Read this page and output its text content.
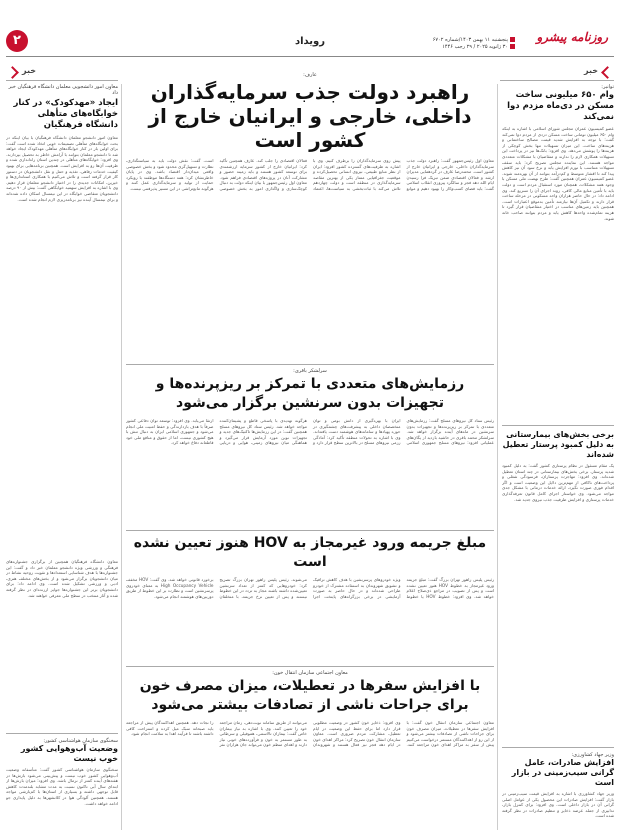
۲	رویداد	پنجشنبه ۱۱ بهمن ۱۴۰۳/شماره ۶۷۰۲
۳۰ ژانویه ۲۰۲۵ / ۲۹ رجب ۱۴۴۶
روزنامه پیشرو
خبر	خبر
معاون امور دانشجویی معلمان دانشگاه فرهنگیان خبر داد
ایجاد «مهدکودک» در کنار خوابگاه‌های متأهلی دانشگاه فرهنگیان
معاون امور دانشجو معلمان دانشگاه فرهنگیان با بیان اینکه در بحث خوابگاه‌های متأهلی تصمیمات خوبی اتخاذ شده است گفت: برای اولین بار در کنار خوابگاه‌های متأهلی مهدکودک ایجاد خواهد شد تا دانشجو معلمان بتوانند با آرامش خاطر به تحصیل بپردازند. وی افزود: خوابگاه‌های متأهلی در چندین استان راه‌اندازی شده و ظرفیت آن‌ها رو به افزایش است. همچنین برنامه‌هایی برای بهبود کیفیت خدمات رفاهی، تغذیه و حمل و نقل دانشجویان در دستور کار قرار گرفته است و تلاش می‌کنیم با همکاری استانداری‌ها و خیرین، امکانات جدیدی را در اختیار دانشجو معلمان قرار دهیم. وی با اشاره به افزایش سهمیه خوابگاهی گفت: بیش از ۹۰ درصد دانشجویان متقاضی خوابگاه در این نیمسال اسکان داده شده‌اند و برای نیمسال آینده نیز برنامه‌ریزی لازم انجام شده است.
معاون دانشگاه فرهنگیان همچنین از برگزاری جشنواره‌های فرهنگی و ورزشی ویژه دانشجو معلمان خبر داد و گفت: این جشنواره‌ها با هدف شناسایی استعدادها و تقویت روحیه نشاط در میان دانشجویان برگزار می‌شود و از بخش‌های مختلف هنری، ادبی و ورزشی تشکیل شده است. وی ادامه داد: برای دانشجویان برتر این جشنواره‌ها جوایز ارزنده‌ای در نظر گرفته شده و آثار منتخب در سطح ملی معرفی خواهند شد.
سخنگوی سازمان هواشناسی کشور:
وضعیت آب‌وهوایی کشور خوب نیست
سخنگوی سازمان هواشناسی کشور گفت: متأسفانه وضعیت آب‌وهوایی کشور خوب نیست و پیش‌بینی می‌شود بارش‌ها در هفته‌های آینده کمتر از نرمال باشد. وی افزود: میزان بارش‌ها از ابتدای سال آبی تاکنون نسبت به مدت مشابه بلندمدت کاهش قابل توجهی داشته و بسیاری از استان‌ها با کم‌بارشی مواجه هستند. همچنین آلودگی هوا در کلانشهرها به دلیل پایداری جو ادامه خواهد داشت.
عارف:
راهبرد دولت جذب سرمایه‌گذاران داخلی، خارجی و ایرانیان خارج از کشور است
معاون اول رئیس‌جمهور گفت: راهبرد دولت جذب سرمایه‌گذاران داخلی، خارجی و ایرانیان خارج از کشور است. محمدرضا عارف در گردهمایی مدیران ارشد و فعالان اقتصادی ضمن تبریک فرا رسیدن ایام الله دهه فجر و سالگرد پیروزی انقلاب اسلامی گفت: باید فضای کسب‌وکار را بهبود دهیم و موانع پیش روی سرمایه‌گذاران را برطرف کنیم. وی با اشاره به ظرفیت‌های گسترده کشور افزود: ایران از نظر منابع طبیعی، نیروی انسانی تحصیل‌کرده و موقعیت جغرافیایی ممتاز یکی از بهترین مقاصد سرمایه‌گذاری در منطقه است و دولت چهاردهم تلاش می‌کند با ثبات‌بخشی به سیاست‌ها، اعتماد فعالان اقتصادی را جلب کند. عارف همچنین تأکید کرد: ایرانیان خارج از کشور سرمایه ارزشمندی برای توسعه کشور هستند و باید زمینه حضور و مشارکت آنان در پروژه‌های اقتصادی فراهم شود. معاون اول رئیس‌جمهور با بیان اینکه دولت به دنبال کوچک‌سازی و واگذاری امور به بخش خصوصی است، گفت: نقش دولت باید به سیاستگذاری، نظارت و تسهیل‌گری محدود شود و بخش خصوصی واقعی میدان‌دار اقتصاد باشد. وی در پایان خاطرنشان کرد: همه دستگاه‌ها موظفند با رویکرد حمایت از تولید و سرمایه‌گذاری عمل کنند و هرگونه مانع‌تراشی در این مسیر پذیرفتنی نیست.
سرلشکر باقری:
رزمایش‌های متعددی با تمرکز بر ریزپرنده‌ها و تجهیزات بدون سرنشین برگزار می‌شود
رئیس ستاد کل نیروهای مسلح گفت: رزمایش‌های متعددی با تمرکز بر ریزپرنده‌ها و تجهیزات بدون سرنشین در ماه‌های آینده برگزار خواهد شد. سرلشکر محمد باقری در حاشیه بازدید از یگان‌های عملیاتی افزود: نیروهای مسلح جمهوری اسلامی ایران با بهره‌گیری از دانش بومی و توان متخصصان داخلی به پیشرفت‌های چشمگیری در حوزه پهپادها و سامانه‌های هوشمند دست یافته‌اند. وی با اشاره به تحولات منطقه تأکید کرد: آمادگی رزمی نیروهای مسلح در بالاترین سطح قرار دارد و هرگونه تهدیدی با پاسخی قاطع و پشیمان‌کننده مواجه خواهد شد. رئیس ستاد کل نیروهای مسلح همچنین گفت: در این رزمایش‌ها تاکتیک‌های جدید و تجهیزات نوین مورد آزمایش قرار می‌گیرد و هماهنگی میان نیروهای زمینی، هوایی و دریایی ارتقا می‌یابد. وی افزود: توسعه توان دفاعی کشور صرفاً با هدف بازدارندگی و حفظ امنیت ملی انجام می‌شود و جمهوری اسلامی ایران به دنبال تنش با هیچ کشوری نیست، اما از حقوق و منافع ملی خود قاطعانه دفاع خواهد کرد.
مبلغ جریمه ورود غیرمجاز به HOV هنوز تعیین نشده است
رئیس پلیس راهور تهران بزرگ گفت: مبلغ جریمه ورود غیرمجاز به خطوط HOV هنوز تعیین نشده است و پس از تصویب در مراجع ذی‌صلاح اعلام خواهد شد. وی افزود: خطوط HOV یا خطوط ویژه خودروهای پرسرنشین با هدف کاهش ترافیک و تشویق شهروندان به استفاده مشترک از خودرو طراحی شده‌اند و در حال حاضر به صورت آزمایشی در برخی بزرگراه‌های پایتخت اجرا می‌شوند. رئیس پلیس راهور تهران بزرگ تصریح کرد: خودروهایی که کمتر از تعداد سرنشین تعیین‌شده داشته باشند مجاز به تردد در این خطوط نیستند و پس از تعیین نرخ جریمه، با متخلفان برخورد قانونی خواهد شد. وی گفت: HOV مخفف High Occupancy Vehicle به معنای خودروی پرسرنشین است و نظارت بر این خطوط از طریق دوربین‌های هوشمند انجام می‌شود.
معاون اجتماعی سازمان انتقال خون:
با افزایش سفرها در تعطیلات، میزان مصرف خون برای جراحات ناشی از تصادفات بیشتر می‌شود
معاون اجتماعی سازمان انتقال خون گفت: با افزایش سفرها در تعطیلات، میزان مصرف خون برای جراحات ناشی از تصادفات بیشتر می‌شود و از این رو از اهداکنندگان مستمر درخواست می‌کنیم پیش از سفر به مراکز اهدای خون مراجعه کنند. وی افزود: ذخایر خون کشور در وضعیت مطلوبی قرار دارد اما برای حفظ این وضعیت در ایام تعطیل، مشارکت مردم ضروری است. معاون سازمان انتقال خون تصریح کرد: مراکز اهدای خون در ایام دهه فجر نیز فعال هستند و شهروندان می‌توانند از طریق سامانه نوبت‌دهی، زمان مراجعه خود را تعیین کنند. وی با اشاره به نیاز بیماران خاص گفت: بیماران تالاسمی، هموفیلی و سرطانی به طور مستمر به خون و فرآورده‌های خونی نیاز دارند و اهدای منظم خون می‌تواند جان هزاران نفر را نجات دهد. همچنین اهداکنندگان پیش از مراجعه باید صبحانه سبک میل کرده و استراحت کافی داشته باشند تا فرآیند اهدا به سلامت انجام شود.
توانیر:
وام ۶۵۰ میلیونی ساخت مسکن در دی‌ماه مزدم دوا نمی‌کند
عضو کمیسیون عمران مجلس شورای اسلامی با اشاره به اینکه وام ۶۵۰ میلیون تومانی ساخت مسکن دردی از مردم دوا نمی‌کند گفت: با توجه به افزایش شدید قیمت مصالح ساختمانی و هزینه‌های ساخت، این میزان تسهیلات تنها بخش کوچکی از هزینه‌ها را پوشش می‌دهد. وی افزود: بانک‌ها نیز در پرداخت این تسهیلات همکاری لازم را ندارند و متقاضیان با مشکلات متعددی مواجه هستند. این نماینده مجلس تصریح کرد: باید سقف تسهیلات متناسب با تورم افزایش یابد و نرخ سود آن نیز کاهش پیدا کند تا اقشار متوسط و کم‌درآمد بتوانند از آن بهره‌مند شوند. عضو کمیسیون عمران همچنین گفت: طرح نهضت ملی مسکن با وجود همه مشکلات، همچنان مورد استقبال مردم است و دولت باید با تأمین منابع مالی کافی، روند اجرای آن را تسریع کند. وی ادامه داد: در حال حاضر هزاران واحد مسکونی در مرحله ساخت قرار دارند و تکمیل آن‌ها نیازمند تأمین به‌موقع اعتبارات است. همچنین باید زمین‌های مناسب در اختیار متقاضیان قرار گیرد تا هزینه تمام‌شده واحدها کاهش یابد و مردم بتوانند صاحب خانه شوند.
برخی بخش‌های بیمارستانی به دلیل کمبود پرستار تعطیل شده‌اند
یک مقام مسئول در نظام پرستاری کشور گفت: به دلیل کمبود شدید پرستار، برخی بخش‌های بیمارستانی در چند استان تعطیل شده‌اند. وی افزود: مهاجرت پرستاران، فرسودگی شغلی و پرداخت‌های ناکافی از مهم‌ترین دلایل این وضعیت است و اگر اقدام فوری صورت نگیرد، ارائه خدمات درمانی با مشکل جدی مواجه می‌شود. وی خواستار اجرای کامل قانون تعرفه‌گذاری خدمات پرستاری و افزایش ظرفیت جذب نیروی جدید شد.
وزیر جهاد کشاورزی:
افزایش صادرات، عامل گرانی سیب‌زمینی در بازار است
وزیر جهاد کشاورزی با اشاره به افزایش قیمت سیب‌زمینی در بازار گفت: افزایش صادرات این محصول یکی از عوامل اصلی گرانی آن در بازار داخلی است. وی افزود: برای کنترل بازار، تدابیری از جمله عرضه ذخایر و تنظیم صادرات در نظر گرفته شده است.
